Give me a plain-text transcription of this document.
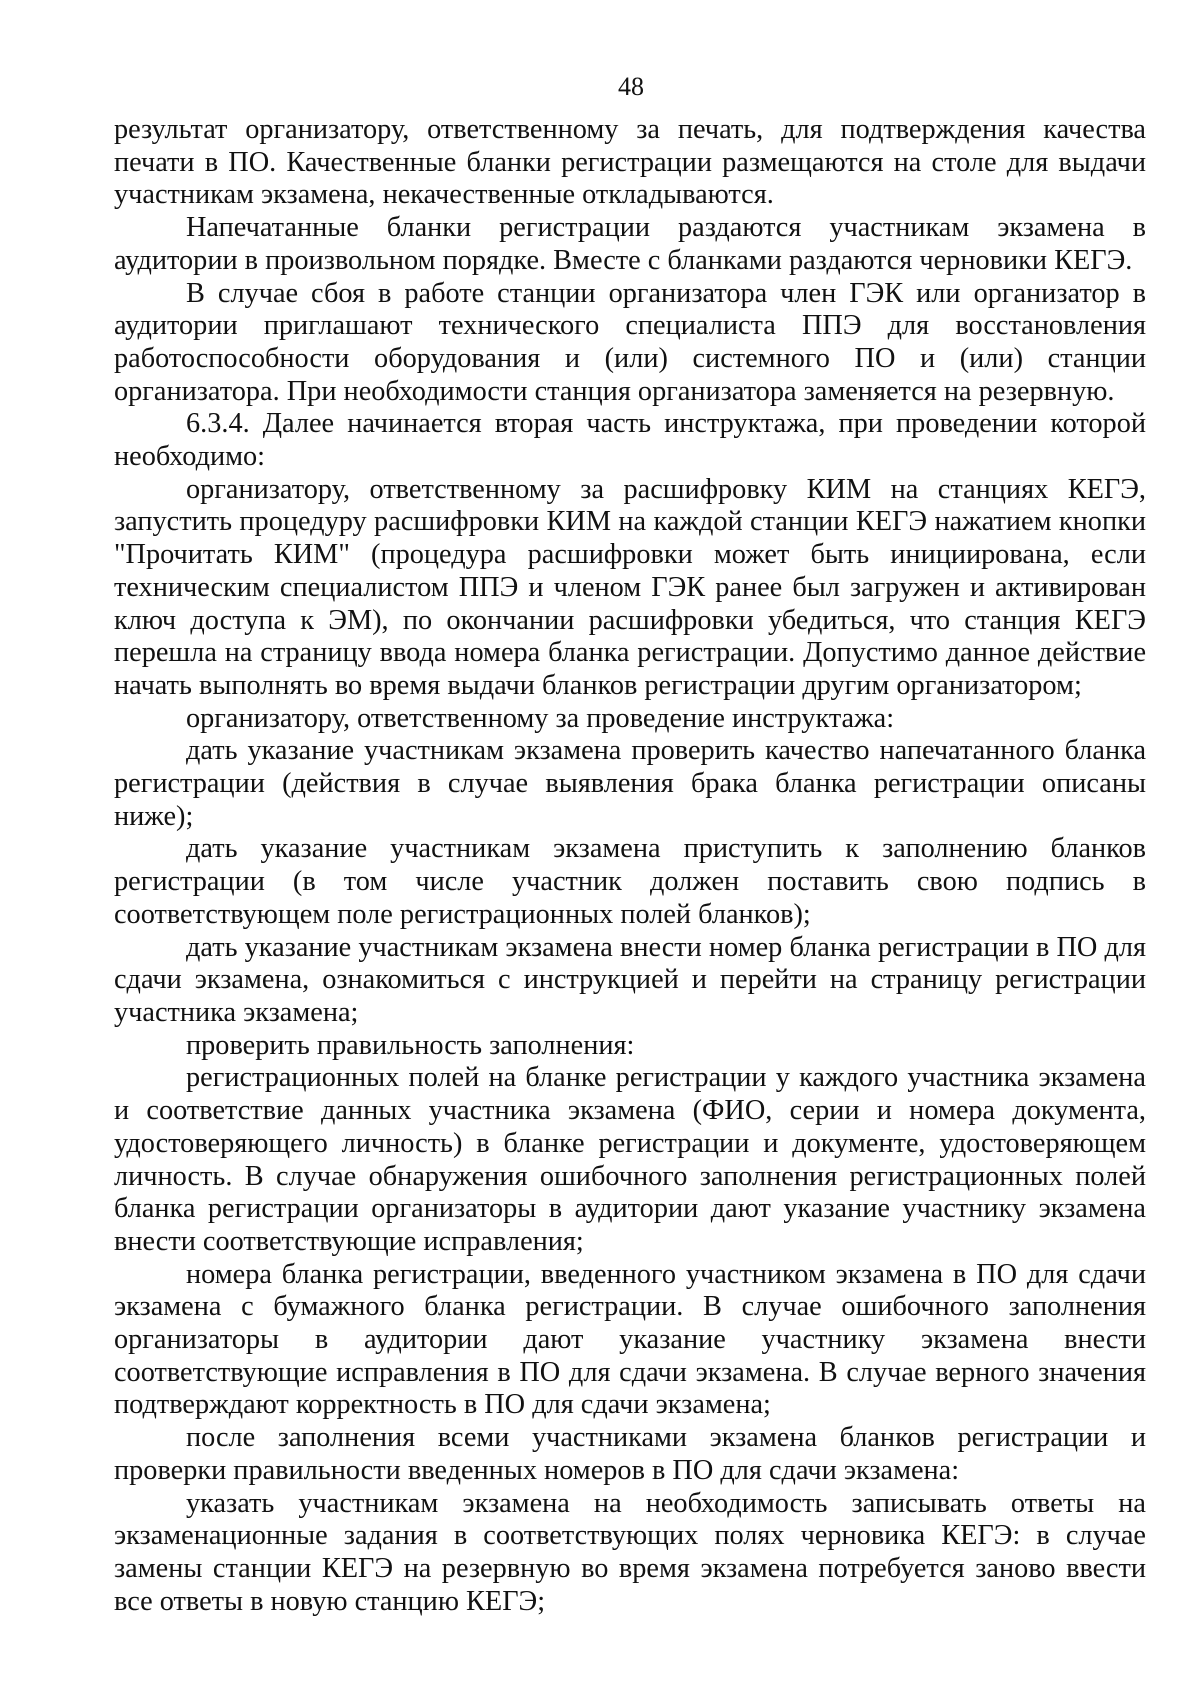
48

результат организатору, ответственному за печать, для подтверждения качества печати в ПО. Качественные бланки регистрации размещаются на столе для выдачи участникам экзамена, некачественные откладываются.

Напечатанные бланки регистрации раздаются участникам экзамена в аудитории в произвольном порядке. Вместе с бланками раздаются черновики КЕГЭ.

В случае сбоя в работе станции организатора член ГЭК или организатор в аудитории приглашают технического специалиста ППЭ для восстановления работоспособности оборудования и (или) системного ПО и (или) станции организатора. При необходимости станция организатора заменяется на резервную.

6.3.4. Далее начинается вторая часть инструктажа, при проведении которой необходимо:

организатору, ответственному за расшифровку КИМ на станциях КЕГЭ, запустить процедуру расшифровки КИМ на каждой станции КЕГЭ нажатием кнопки "Прочитать КИМ" (процедура расшифровки может быть инициирована, если техническим специалистом ППЭ и членом ГЭК ранее был загружен и активирован ключ доступа к ЭМ), по окончании расшифровки убедиться, что станция КЕГЭ перешла на страницу ввода номера бланка регистрации. Допустимо данное действие начать выполнять во время выдачи бланков регистрации другим организатором;

организатору, ответственному за проведение инструктажа:

дать указание участникам экзамена проверить качество напечатанного бланка регистрации (действия в случае выявления брака бланка регистрации описаны ниже);

дать указание участникам экзамена приступить к заполнению бланков регистрации (в том числе участник должен поставить свою подпись в соответствующем поле регистрационных полей бланков);

дать указание участникам экзамена внести номер бланка регистрации в ПО для сдачи экзамена, ознакомиться с инструкцией и перейти на страницу регистрации участника экзамена;

проверить правильность заполнения:

регистрационных полей на бланке регистрации у каждого участника экзамена и соответствие данных участника экзамена (ФИО, серии и номера документа, удостоверяющего личность) в бланке регистрации и документе, удостоверяющем личность. В случае обнаружения ошибочного заполнения регистрационных полей бланка регистрации организаторы в аудитории дают указание участнику экзамена внести соответствующие исправления;

номера бланка регистрации, введенного участником экзамена в ПО для сдачи экзамена с бумажного бланка регистрации. В случае ошибочного заполнения организаторы в аудитории дают указание участнику экзамена внести соответствующие исправления в ПО для сдачи экзамена. В случае верного значения подтверждают корректность в ПО для сдачи экзамена;

после заполнения всеми участниками экзамена бланков регистрации и проверки правильности введенных номеров в ПО для сдачи экзамена:

указать участникам экзамена на необходимость записывать ответы на экзаменационные задания в соответствующих полях черновика КЕГЭ: в случае замены станции КЕГЭ на резервную во время экзамена потребуется заново ввести все ответы в новую станцию КЕГЭ;
